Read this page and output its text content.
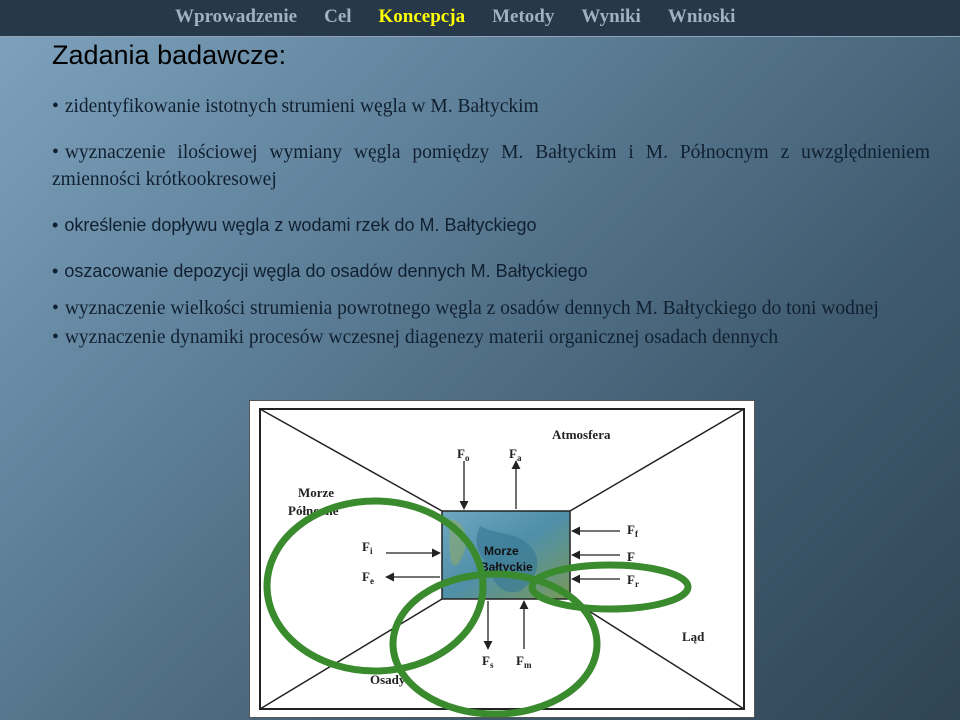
Wprowadzenie Cel Koncepcja Metody Wyniki Wnioski
Zadania badawcze:
• zidentyfikowanie istotnych strumieni węgla w M. Bałtyckim
• wyznaczenie ilościowej wymiany węgla pomiędzy M. Bałtyckim i M. Północnym z uwzględnieniem zmienności krótkookresowej
• określenie dopływu węgla z wodami rzek do M. Bałtyckiego
• oszacowanie depozycji węgla do osadów dennych M. Bałtyckiego
• wyznaczenie wielkości strumienia powrotnego węgla z osadów dennych M. Bałtyckiego do toni wodnej
• wyznaczenie dynamiki procesów wczesnej diagenezy materii organicznej osadach dennych
Atmosfera
Morze
Północne
Morze
Bałtyckie
Ląd
Osady
$F_o$	$F_a$
$F_i$
$F_e$
$F_f$
F
$F_r$
$F_s$ $F_m$
